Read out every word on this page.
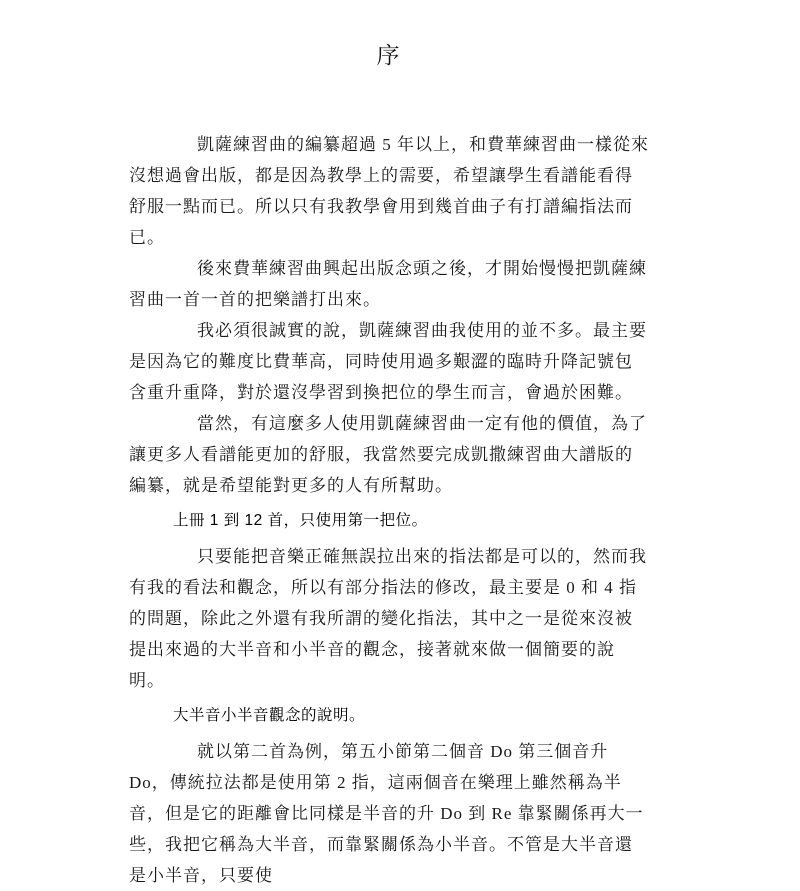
序

凱薩練習曲的編纂超過 5 年以上，和費華練習曲一樣從來沒想過會出版，都是因為教學上的需要，希望讓學生看譜能看得舒服一點而已。所以只有我教學會用到幾首曲子有打譜編指法而已。

後來費華練習曲興起出版念頭之後，才開始慢慢把凱薩練習曲一首一首的把樂譜打出來。

我必須很誠實的說，凱薩練習曲我使用的並不多。最主要是因為它的難度比費華高，同時使用過多艱澀的臨時升降記號包含重升重降，對於還沒學習到換把位的學生而言，會過於困難。

當然，有這麼多人使用凱薩練習曲一定有他的價值，為了讓更多人看譜能更加的舒服，我當然要完成凱撒練習曲大譜版的編纂，就是希望能對更多的人有所幫助。

上冊 1 到 12 首，只使用第一把位。

只要能把音樂正確無誤拉出來的指法都是可以的，然而我有我的看法和觀念，所以有部分指法的修改，最主要是 0 和 4 指的問題，除此之外還有我所謂的變化指法，其中之一是從來沒被提出來過的大半音和小半音的觀念，接著就來做一個簡要的說明。

大半音小半音觀念的說明。

就以第二首為例，第五小節第二個音 Do 第三個音升 Do，傳統拉法都是使用第 2 指，這兩個音在樂理上雖然稱為半音，但是它的距離會比同樣是半音的升 Do 到 Re 靠緊關係再大一些，我把它稱為大半音，而靠緊關係為小半音。不管是大半音還是小半音，只要使
